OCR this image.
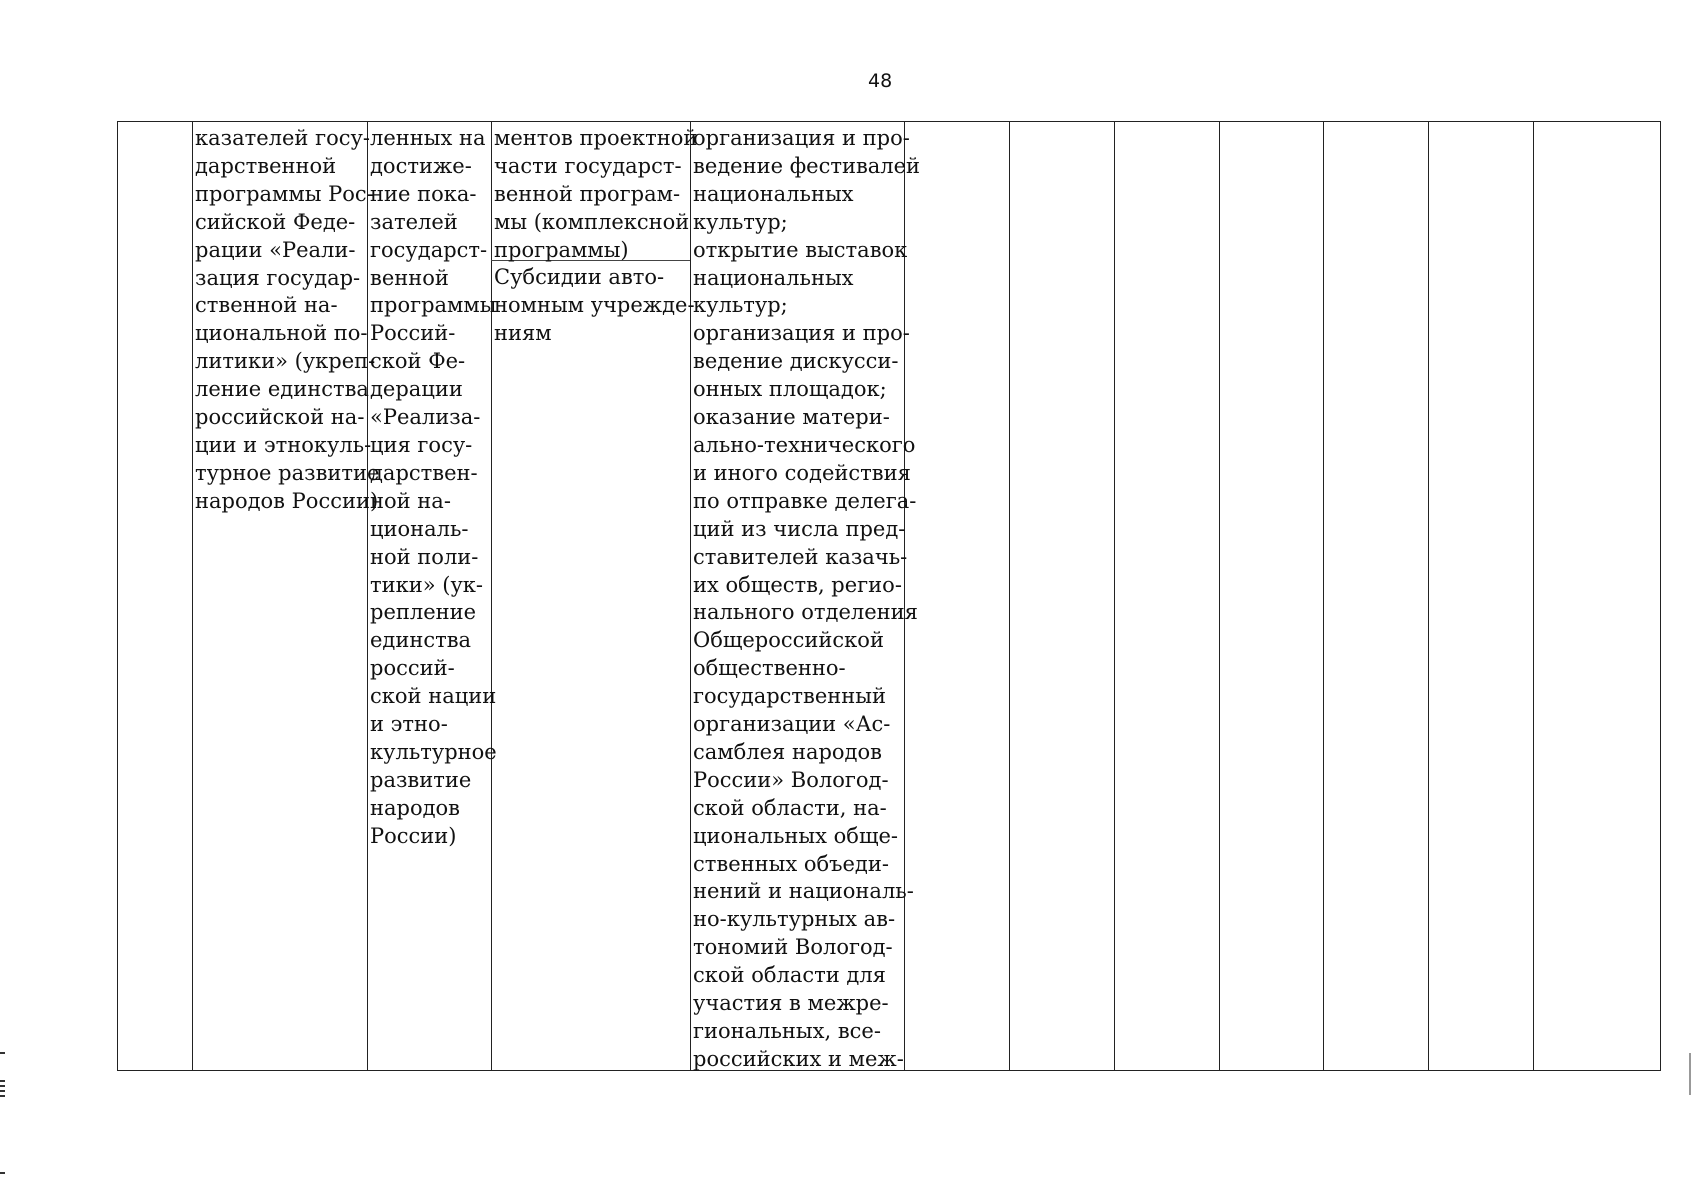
48
казателей госу-
дарственной
программы Рос-
сийской Феде-
рации «Реали-
зация государ-
ственной на-
циональной по-
литики» (укреп-
ление единства
российской на-
ции и этнокуль-
турное развитие
народов России)
ленных на
достиже-
ние пока-
зателей
государст-
венной
программы
Россий-
ской Фе-
дерации
«Реализа-
ция госу-
дарствен-
ной на-
циональ-
ной поли-
тики» (ук-
репление
единства
россий-
ской нации
и этно-
культурное
развитие
народов
России)
ментов проектной
части государст-
венной програм-
мы (комплексной
программы)
Субсидии авто-
номным учрежде-
ниям
организация и про-
ведение фестивалей
национальных
культур;
открытие выставок
национальных
культур;
организация и про-
ведение дискусси-
онных площадок;
оказание матери-
ально-технического
и иного содействия
по отправке делега-
ций из числа пред-
ставителей казачь-
их обществ, регио-
нального отделения
Общероссийской
общественно-
государственный
организации «Ас-
самблея народов
России» Вологод-
ской области, на-
циональных обще-
ственных объеди-
нений и националь-
но-культурных ав-
тономий Вологод-
ской области для
участия в межре-
гиональных, все-
российских и меж-
